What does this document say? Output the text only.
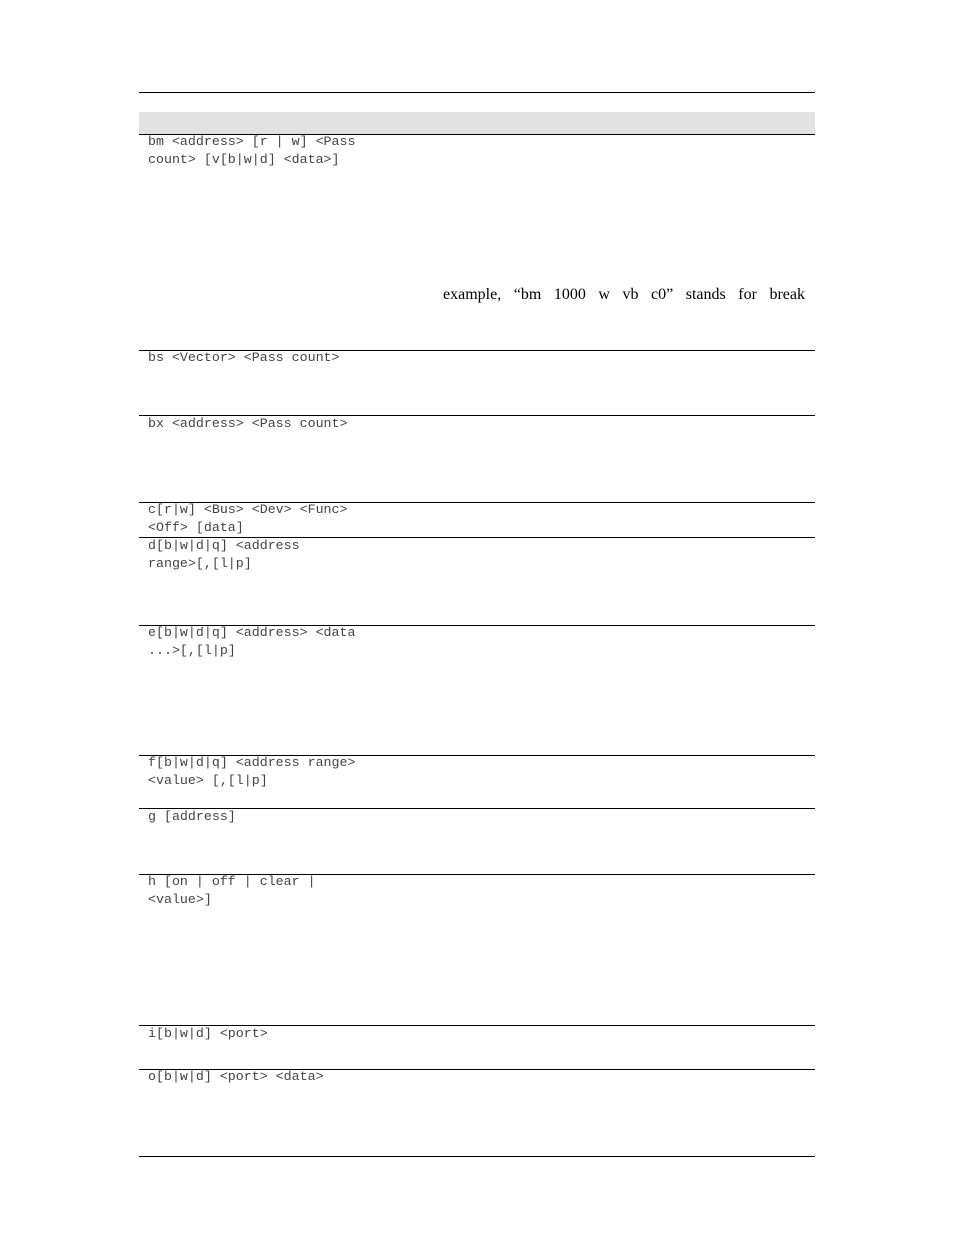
bm <address> [r | w] <Pass
count> [v[b|w|d] <data>]
example, “bm 1000 w vb c0” stands for break
bs <Vector> <Pass count>
bx <address> <Pass count>
c[r|w] <Bus> <Dev> <Func>
<Off> [data]
d[b|w|d|q] <address
range>[,[l|p]
e[b|w|d|q] <address> <data
...>[,[l|p]
f[b|w|d|q] <address range>
<value> [,[l|p]
g [address]
h [on | off | clear |
<value>]
i[b|w|d] <port>
o[b|w|d] <port> <data>
